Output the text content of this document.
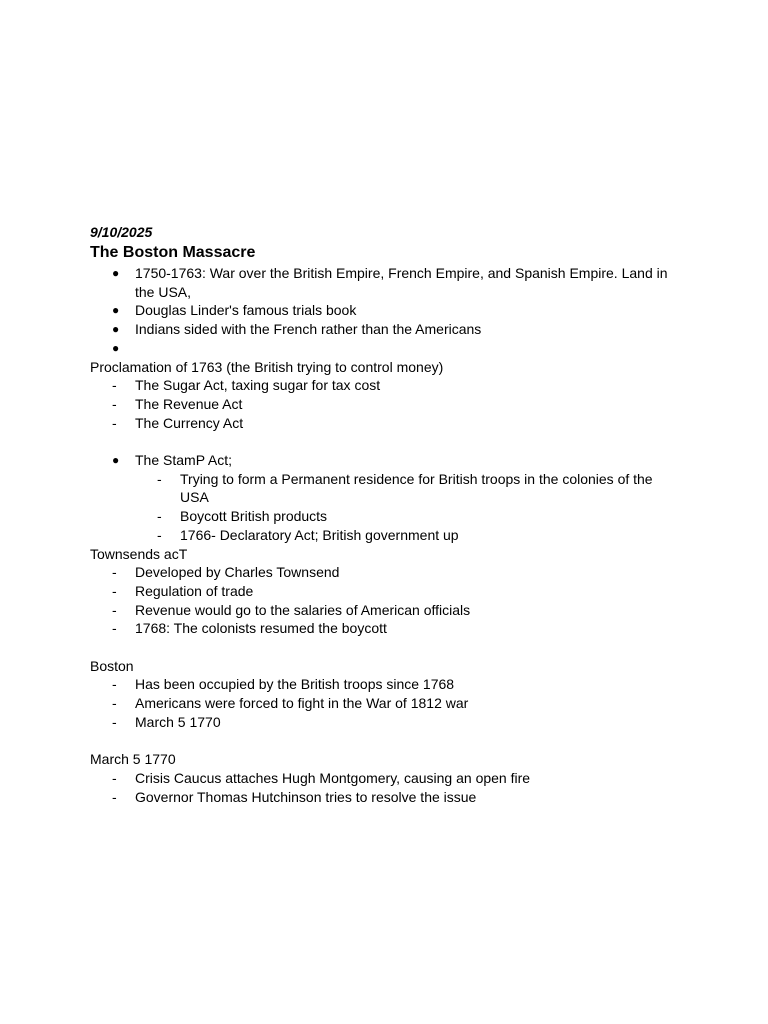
9/10/2025
The Boston Massacre
●	1750-1763: War over the British Empire, French Empire, and Spanish Empire. Land in the USA,
●	Douglas Linder's famous trials book
●	Indians sided with the French rather than the Americans
●
Proclamation of 1763 (the British trying to control money)
-	The Sugar Act, taxing sugar for tax cost
-	The Revenue Act
-	The Currency Act
●	The StamP Act;
-	Trying to form a Permanent residence for British troops in the colonies of the USA
-	Boycott British products
-	1766- Declaratory Act; British government up
Townsends acT
-	Developed by Charles Townsend
-	Regulation of trade
-	Revenue would go to the salaries of American officials
-	1768: The colonists resumed the boycott
Boston
-	Has been occupied by the British troops since 1768
-	Americans were forced to fight in the War of 1812 war
-	March 5 1770
March 5 1770
-	Crisis Caucus attaches Hugh Montgomery, causing an open fire
-	Governor Thomas Hutchinson tries to resolve the issue
